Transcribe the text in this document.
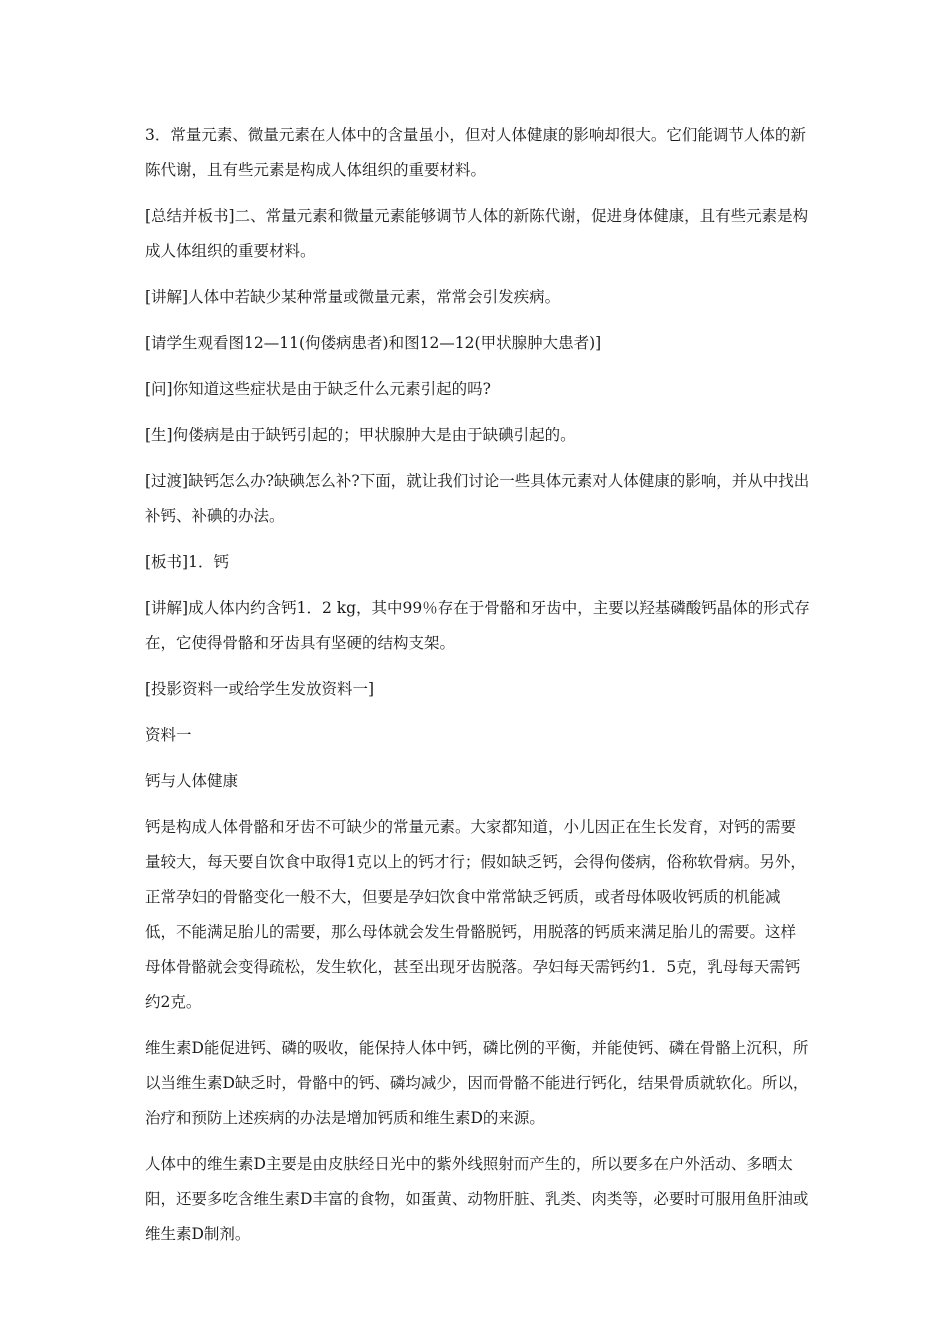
3．常量元素、微量元素在人体中的含量虽小，但对人体健康的影响却很大。它们能调节人体的新陈代谢，且有些元素是构成人体组织的重要材料。

[总结并板书]二、常量元素和微量元素能够调节人体的新陈代谢，促进身体健康，且有些元素是构成人体组织的重要材料。

[讲解]人体中若缺少某种常量或微量元素，常常会引发疾病。

[请学生观看图12—11(佝偻病患者)和图12—12(甲状腺肿大患者)]

[问]你知道这些症状是由于缺乏什么元素引起的吗?

[生]佝偻病是由于缺钙引起的；甲状腺肿大是由于缺碘引起的。

[过渡]缺钙怎么办?缺碘怎么补?下面，就让我们讨论一些具体元素对人体健康的影响，并从中找出补钙、补碘的办法。

[板书]1．钙

[讲解]成人体内约含钙1．2 kg，其中99％存在于骨骼和牙齿中，主要以羟基磷酸钙晶体的形式存在，它使得骨骼和牙齿具有坚硬的结构支架。

[投影资料一或给学生发放资料一]

资料一

钙与人体健康

钙是构成人体骨骼和牙齿不可缺少的常量元素。大家都知道，小儿因正在生长发育，对钙的需要量较大，每天要自饮食中取得1克以上的钙才行；假如缺乏钙，会得佝偻病，俗称软骨病。另外，正常孕妇的骨骼变化一般不大，但要是孕妇饮食中常常缺乏钙质，或者母体吸收钙质的机能减低，不能满足胎儿的需要，那么母体就会发生骨骼脱钙，用脱落的钙质来满足胎儿的需要。这样母体骨骼就会变得疏松，发生软化，甚至出现牙齿脱落。孕妇每天需钙约1．5克，乳母每天需钙约2克。

维生素D能促进钙、磷的吸收，能保持人体中钙，磷比例的平衡，并能使钙、磷在骨骼上沉积，所以当维生素D缺乏时，骨骼中的钙、磷均减少，因而骨骼不能进行钙化，结果骨质就软化。所以，治疗和预防上述疾病的办法是增加钙质和维生素D的来源。

人体中的维生素D主要是由皮肤经日光中的紫外线照射而产生的，所以要多在户外活动、多晒太阳，还要多吃含维生素D丰富的食物，如蛋黄、动物肝脏、乳类、肉类等，必要时可服用鱼肝油或维生素D制剂。
